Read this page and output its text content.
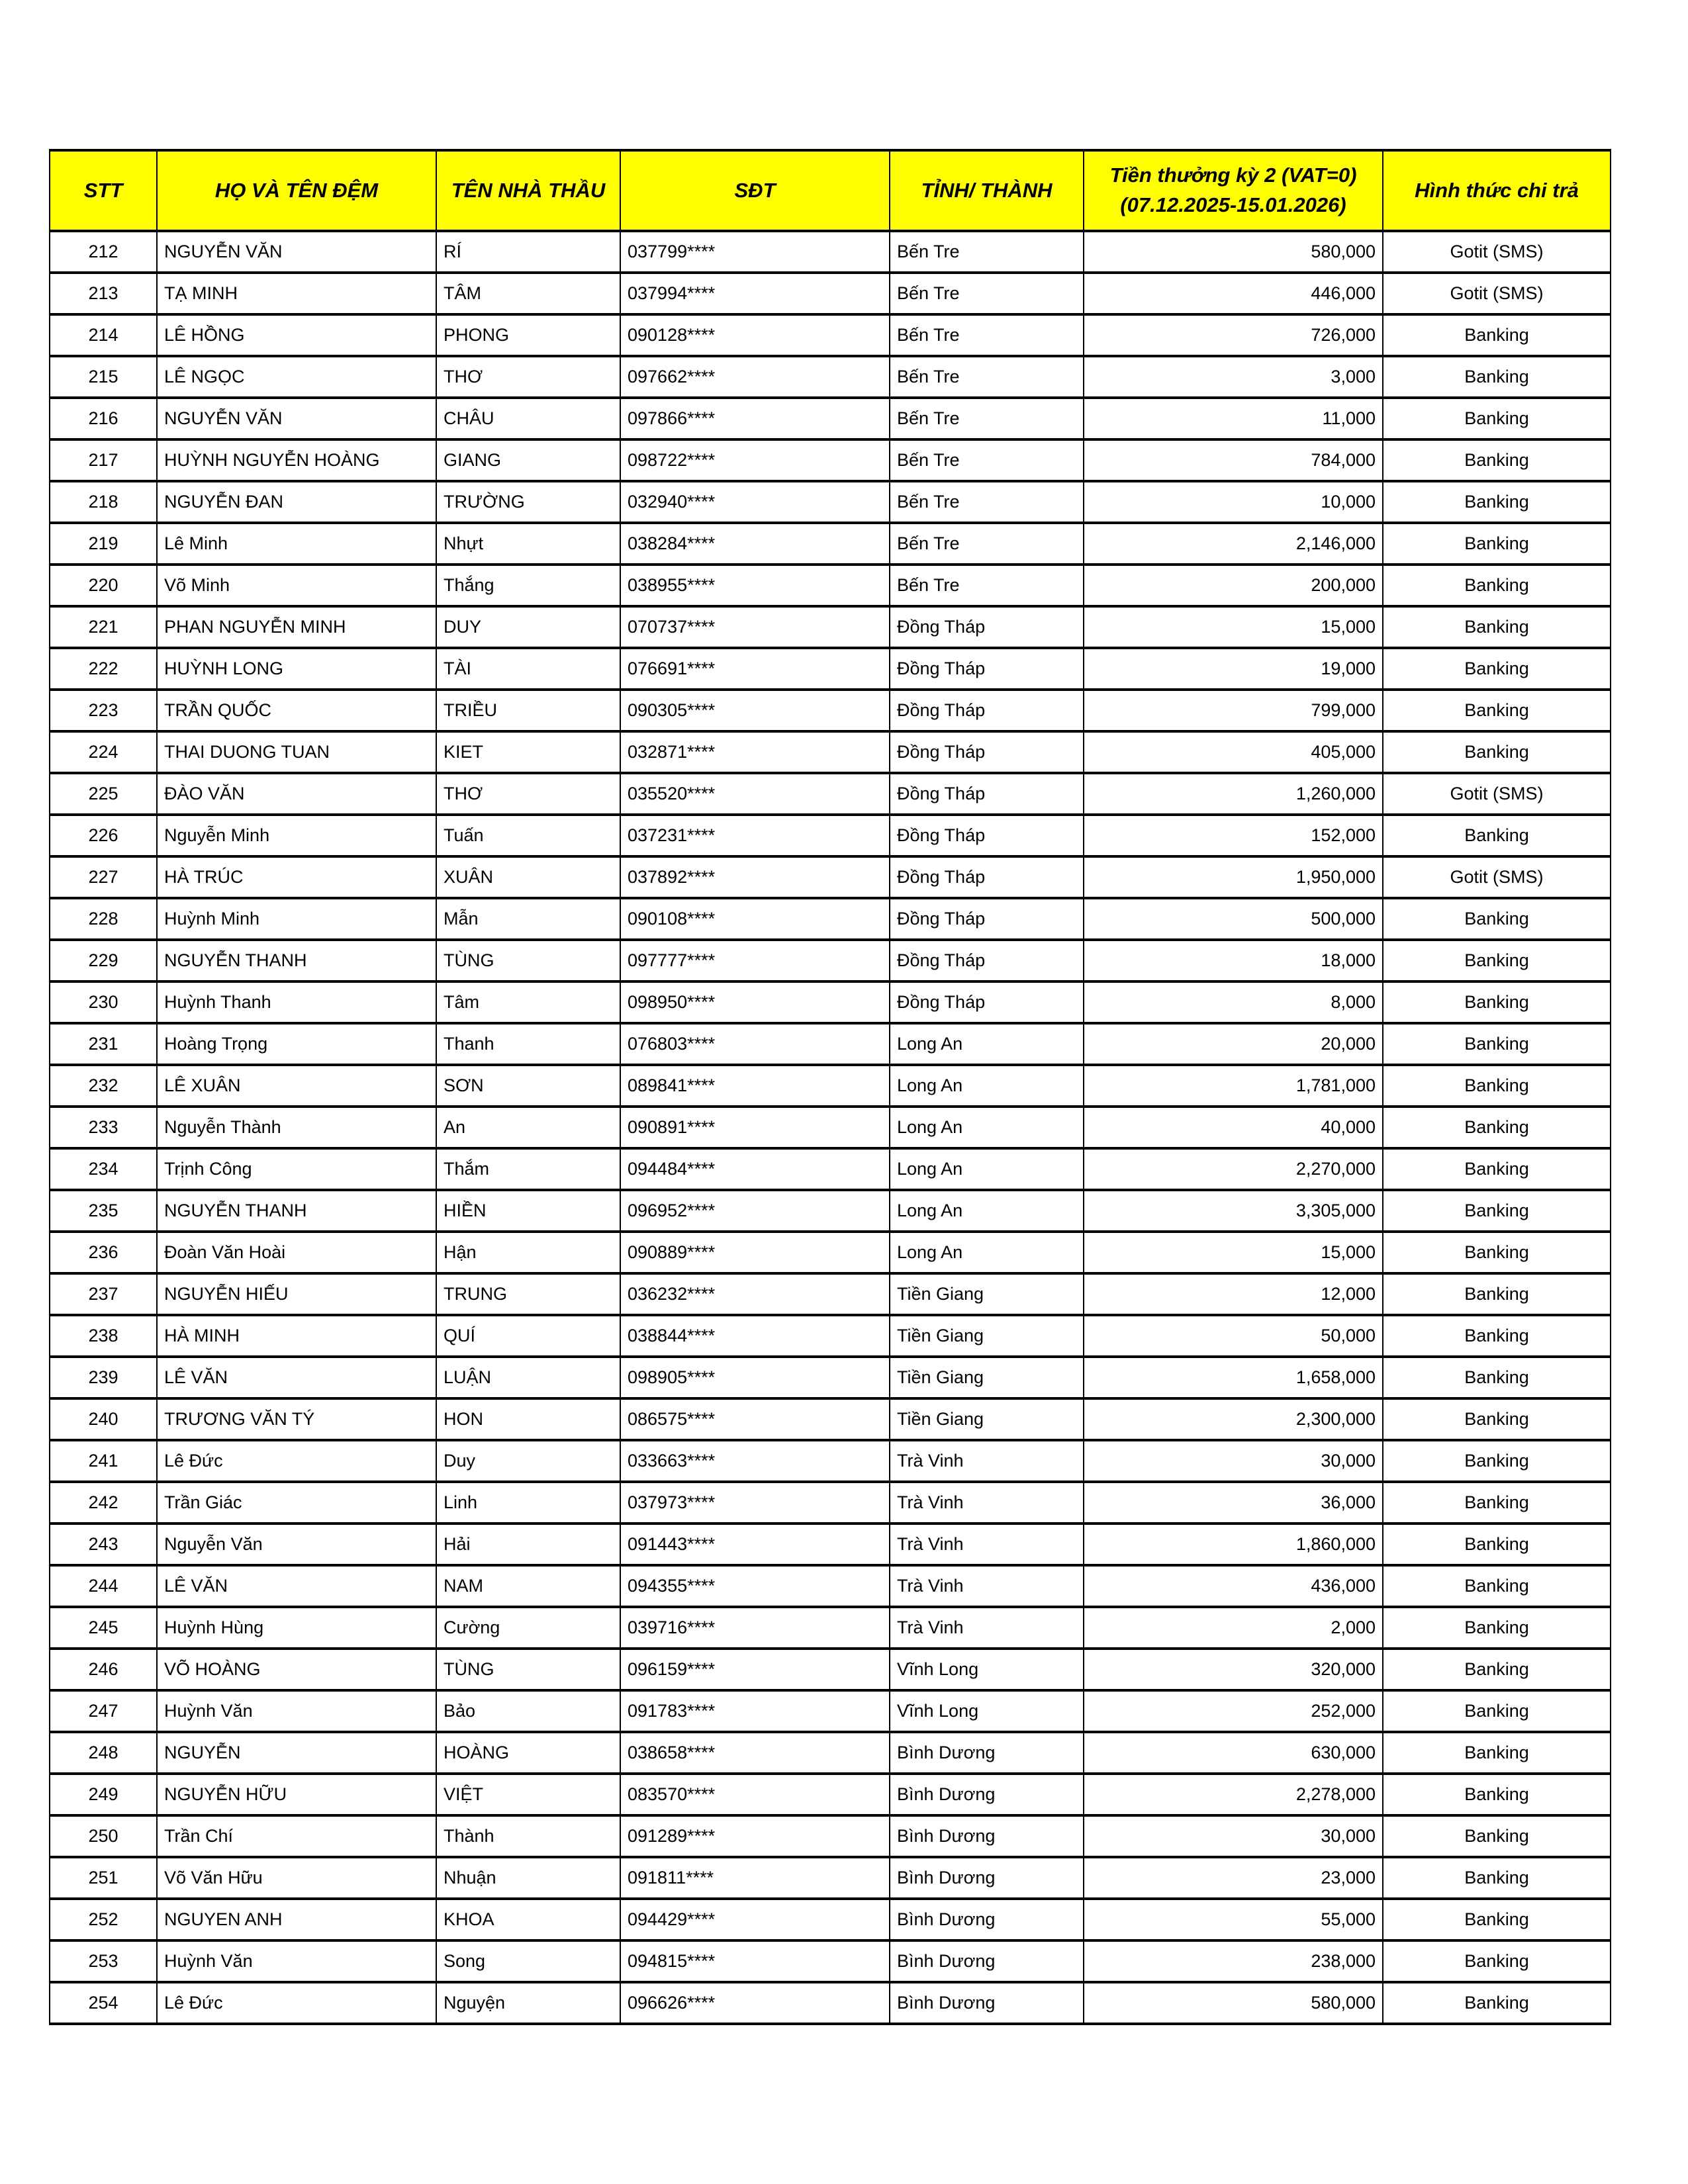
STT	HỌ VÀ TÊN ĐỆM	TÊN NHÀ THẦU	SĐT	TỈNH/ THÀNH	Tiền thưởng kỳ 2 (VAT=0)
(07.12.2025-15.01.2026)	Hình thức chi trả
212	NGUYỄN VĂN	RÍ	037799****	Bến Tre	580,000	Gotit (SMS)
213	TẠ MINH	TÂM	037994****	Bến Tre	446,000	Gotit (SMS)
214	LÊ HỒNG	PHONG	090128****	Bến Tre	726,000	Banking
215	LÊ NGỌC	THƠ	097662****	Bến Tre	3,000	Banking
216	NGUYỄN VĂN	CHÂU	097866****	Bến Tre	11,000	Banking
217	HUỲNH NGUYỄN HOÀNG	GIANG	098722****	Bến Tre	784,000	Banking
218	NGUYỄN ĐAN	TRƯỜNG	032940****	Bến Tre	10,000	Banking
219	Lê Minh	Nhựt	038284****	Bến Tre	2,146,000	Banking
220	Võ Minh	Thắng	038955****	Bến Tre	200,000	Banking
221	PHAN NGUYỄN MINH	DUY	070737****	Đồng Tháp	15,000	Banking
222	HUỲNH LONG	TÀI	076691****	Đồng Tháp	19,000	Banking
223	TRẦN QUỐC	TRIỀU	090305****	Đồng Tháp	799,000	Banking
224	THAI DUONG TUAN	KIET	032871****	Đồng Tháp	405,000	Banking
225	ĐÀO VĂN	THƠ	035520****	Đồng Tháp	1,260,000	Gotit (SMS)
226	Nguyễn Minh	Tuấn	037231****	Đồng Tháp	152,000	Banking
227	HÀ TRÚC	XUÂN	037892****	Đồng Tháp	1,950,000	Gotit (SMS)
228	Huỳnh Minh	Mẫn	090108****	Đồng Tháp	500,000	Banking
229	NGUYỄN THANH	TÙNG	097777****	Đồng Tháp	18,000	Banking
230	Huỳnh Thanh	Tâm	098950****	Đồng Tháp	8,000	Banking
231	Hoàng Trọng	Thanh	076803****	Long An	20,000	Banking
232	LÊ XUÂN	SƠN	089841****	Long An	1,781,000	Banking
233	Nguyễn Thành	An	090891****	Long An	40,000	Banking
234	Trịnh Công	Thắm	094484****	Long An	2,270,000	Banking
235	NGUYỄN THANH	HIỀN	096952****	Long An	3,305,000	Banking
236	Đoàn Văn Hoài	Hận	090889****	Long An	15,000	Banking
237	NGUYỄN HIẾU	TRUNG	036232****	Tiền Giang	12,000	Banking
238	HÀ MINH	QUÍ	038844****	Tiền Giang	50,000	Banking
239	LÊ VĂN	LUẬN	098905****	Tiền Giang	1,658,000	Banking
240	TRƯƠNG VĂN TÝ	HON	086575****	Tiền Giang	2,300,000	Banking
241	Lê Đức	Duy	033663****	Trà Vinh	30,000	Banking
242	Trần Giác	Linh	037973****	Trà Vinh	36,000	Banking
243	Nguyễn Văn	Hải	091443****	Trà Vinh	1,860,000	Banking
244	LÊ VĂN	NAM	094355****	Trà Vinh	436,000	Banking
245	Huỳnh Hùng	Cường	039716****	Trà Vinh	2,000	Banking
246	VÕ HOÀNG	TÙNG	096159****	Vĩnh Long	320,000	Banking
247	Huỳnh Văn	Bảo	091783****	Vĩnh Long	252,000	Banking
248	NGUYỄN	HOÀNG	038658****	Bình Dương	630,000	Banking
249	NGUYỄN HỮU	VIỆT	083570****	Bình Dương	2,278,000	Banking
250	Trần Chí	Thành	091289****	Bình Dương	30,000	Banking
251	Võ Văn Hữu	Nhuận	091811****	Bình Dương	23,000	Banking
252	NGUYEN ANH	KHOA	094429****	Bình Dương	55,000	Banking
253	Huỳnh Văn	Song	094815****	Bình Dương	238,000	Banking
254	Lê Đức	Nguyện	096626****	Bình Dương	580,000	Banking
